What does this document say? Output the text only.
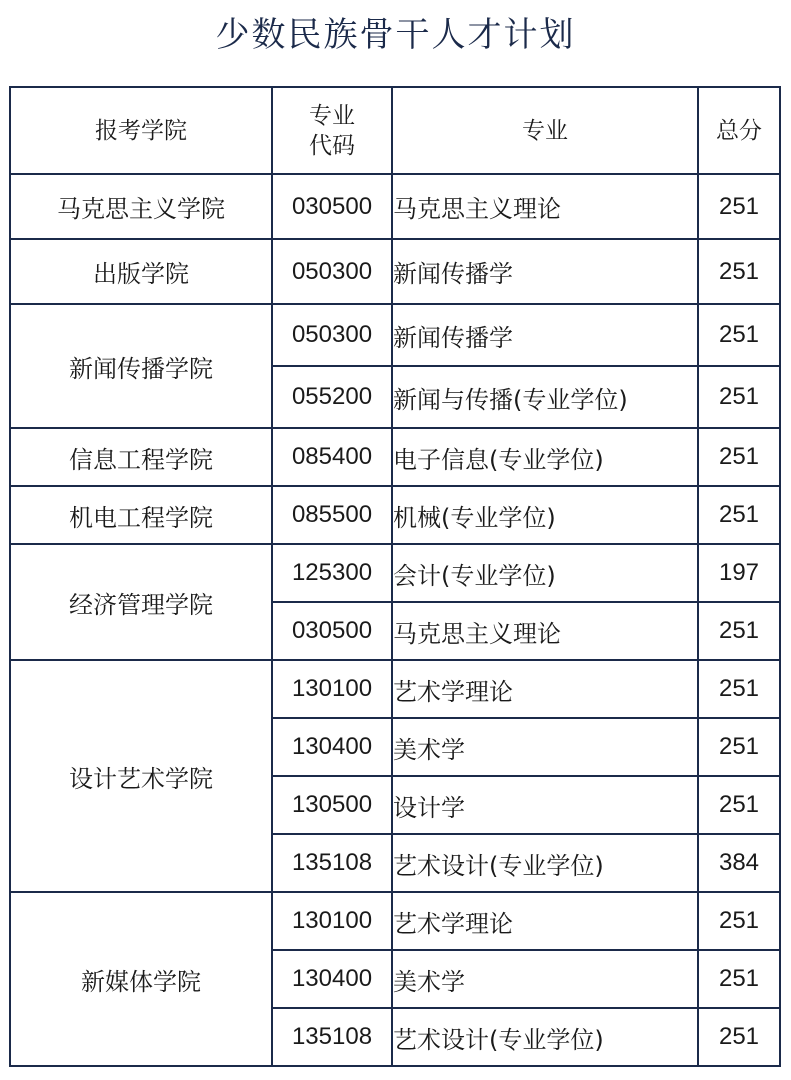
少数民族骨干人才计划
报考学院	专业代码	专业	总分
马克思主义学院	030500	马克思主义理论	251
出版学院	050300	新闻传播学	251
新闻传播学院	050300	新闻传播学	251
	055200	新闻与传播(专业学位)	251
信息工程学院	085400	电子信息(专业学位)	251
机电工程学院	085500	机械(专业学位)	251
经济管理学院	125300	会计(专业学位)	197
	030500	马克思主义理论	251
设计艺术学院	130100	艺术学理论	251
	130400	美术学	251
	130500	设计学	251
	135108	艺术设计(专业学位)	384
新媒体学院	130100	艺术学理论	251
	130400	美术学	251
	135108	艺术设计(专业学位)	251
